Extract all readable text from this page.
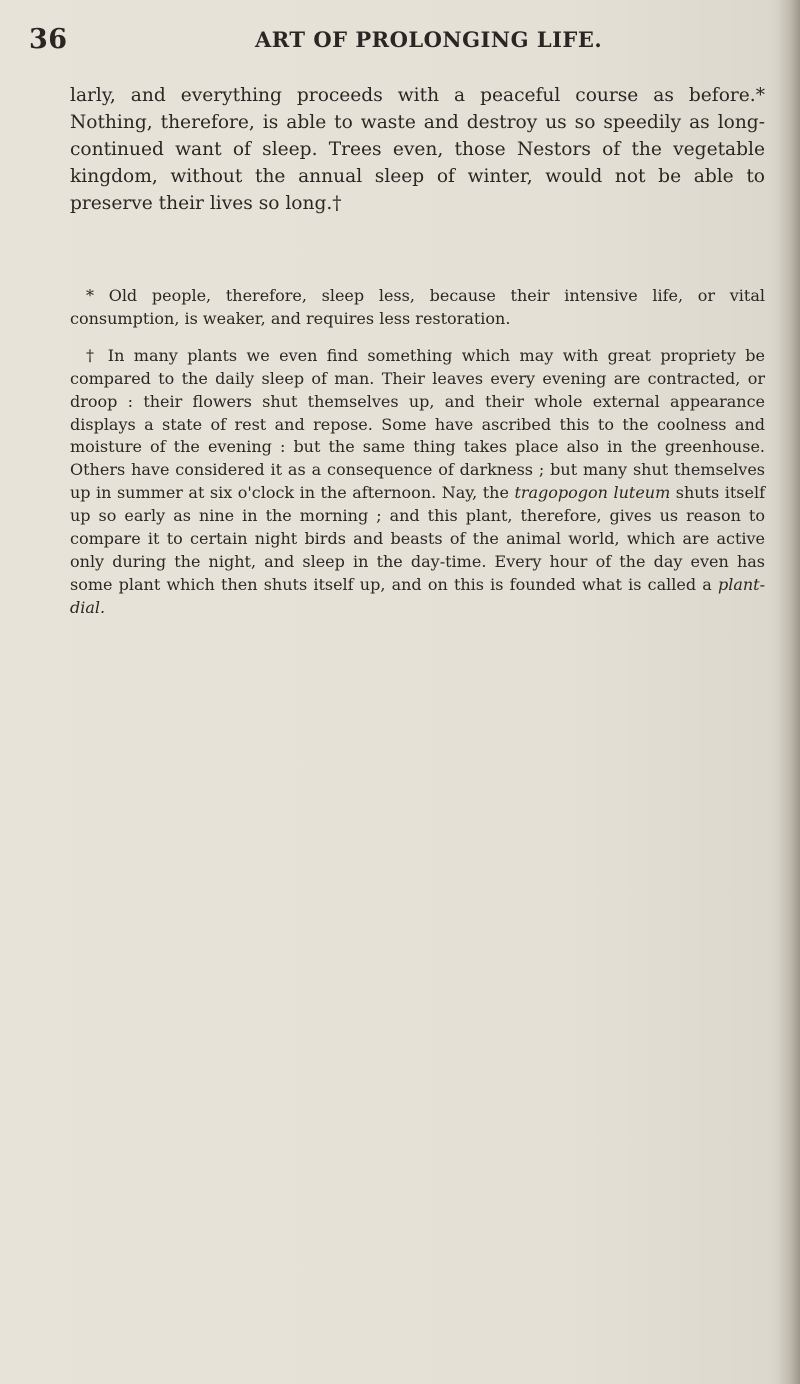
36	ART OF PROLONGING LIFE.

larly, and everything proceeds with a peaceful course as before.* Nothing, therefore, is able to waste and destroy us so speedily as long-continued want of sleep. Trees even, those Nestors of the vegetable kingdom, without the annual sleep of winter, would not be able to preserve their lives so long.†

* Old people, therefore, sleep less, because their intensive life, or vital consumption, is weaker, and requires less restoration.

† In many plants we even find something which may with great propriety be compared to the daily sleep of man. Their leaves every evening are contracted, or droop : their flowers shut themselves up, and their whole external appearance displays a state of rest and repose. Some have ascribed this to the coolness and moisture of the evening : but the same thing takes place also in the greenhouse. Others have considered it as a consequence of darkness ; but many shut themselves up in summer at six o'clock in the afternoon. Nay, the tragopogon luteum shuts itself up so early as nine in the morning ; and this plant, therefore, gives us reason to compare it to certain night birds and beasts of the animal world, which are active only during the night, and sleep in the day-time. Every hour of the day even has some plant which then shuts itself up, and on this is founded what is called a plant-dial.
